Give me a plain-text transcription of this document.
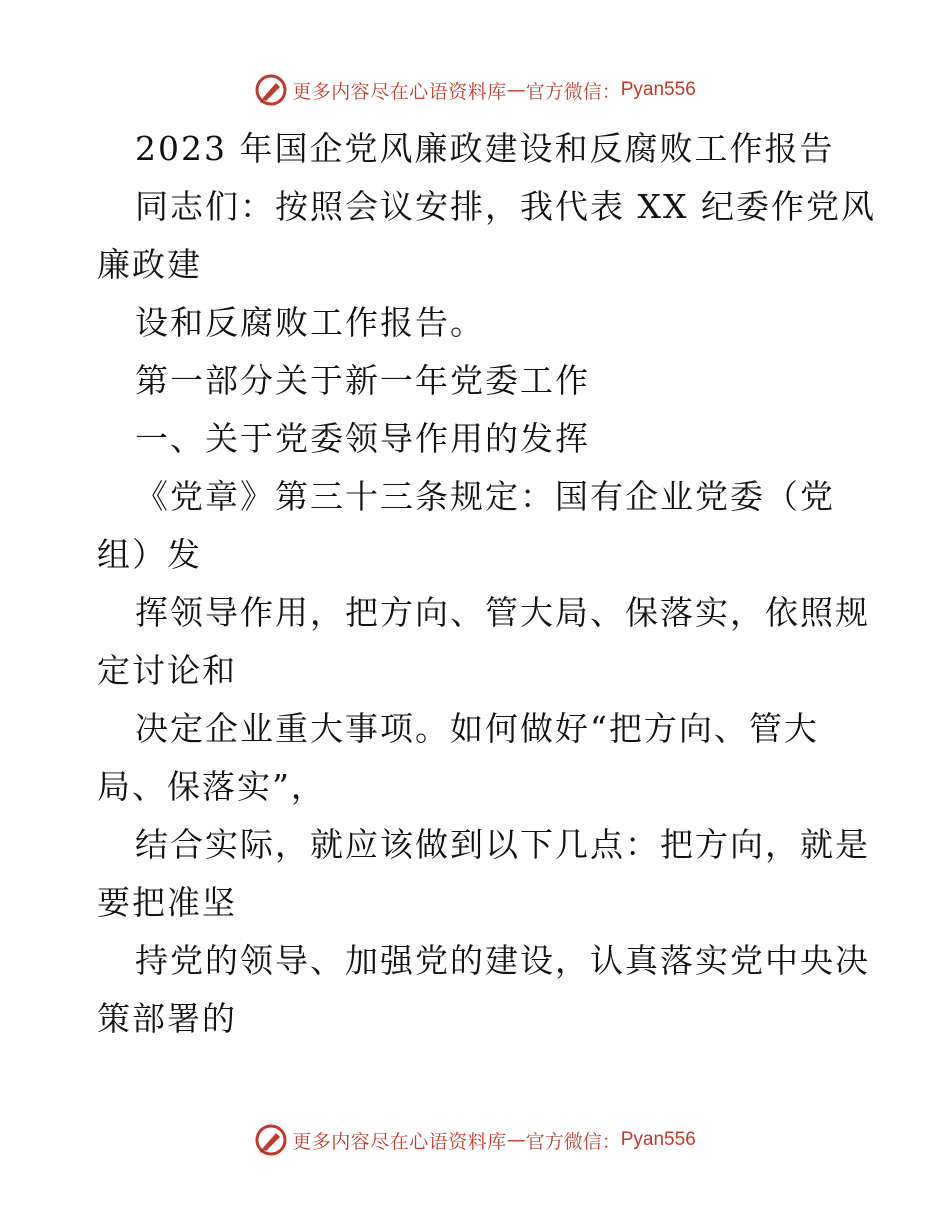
更多内容尽在心语资料库 — 官方微信： Pyan556

2023 年国企党风廉政建设和反腐败工作报告

同志们：按照会议安排，我代表 XX 纪委作党风
廉政建

设和反腐败工作报告。

第一部分关于新一年党委工作

一、关于党委领导作用的发挥

《党章》第三十三条规定：国有企业党委（党
组）发

挥领导作用，把方向、管大局、保落实，依照规
定讨论和

决定企业重大事项。如何做好“把方向、管大
局、保落实”，

结合实际，就应该做到以下几点：把方向，就是
要把准坚

持党的领导、加强党的建设，认真落实党中央决
策部署的

更多内容尽在心语资料库 — 官方微信： Pyan556
